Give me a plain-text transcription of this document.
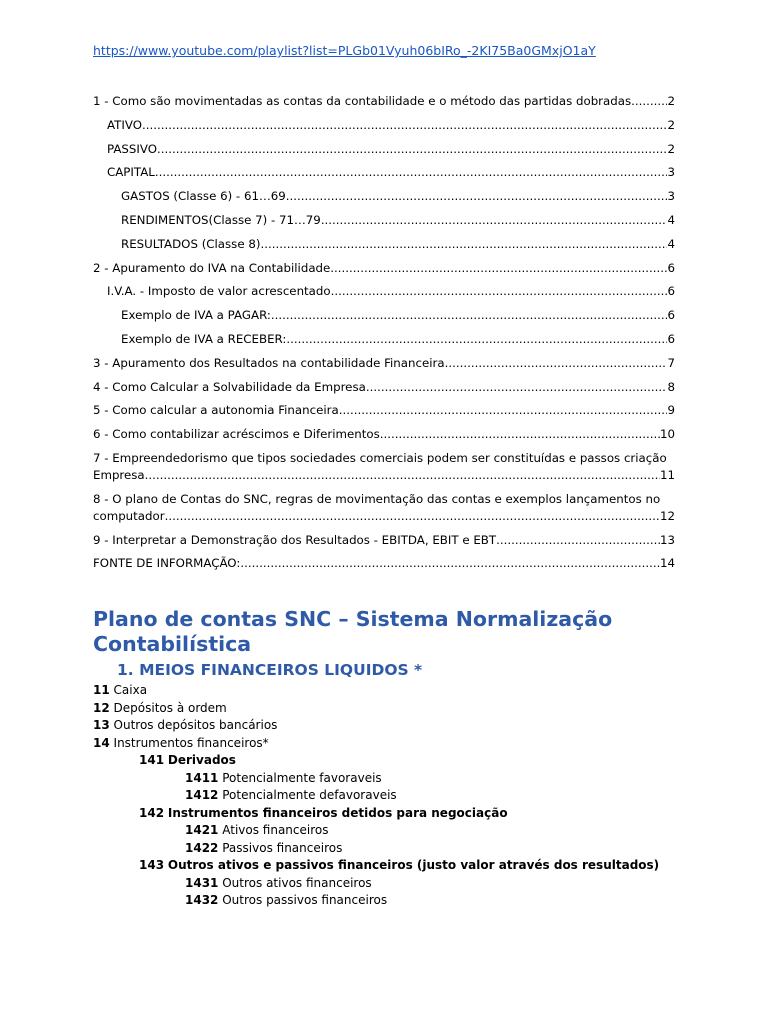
https://www.youtube.com/playlist?list=PLGb01Vyuh06bIRo_-2KI75Ba0GMxjO1aY
1 - Como são movimentadas as contas da contabilidade e o método das partidas dobradas .....	2
ATIVO .....	2
PASSIVO .....	2
CAPITAL .....	3
GASTOS (Classe 6) - 61…69 .....	3
RENDIMENTOS(Classe 7) - 71…79 .....	4
RESULTADOS (Classe 8) .....	4
2 - Apuramento do IVA na Contabilidade .....	6
I.V.A. - Imposto de valor acrescentado .....	6
Exemplo de IVA a PAGAR: .....	6
Exemplo de IVA a RECEBER: .....	6
3 - Apuramento dos Resultados na contabilidade Financeira .....	7
4 - Como Calcular a Solvabilidade da Empresa .....	8
5 - Como calcular a autonomia Financeira .....	9
6 - Como contabilizar acréscimos e Diferimentos .....	10
7 - Empreendedorismo que tipos sociedades comerciais podem ser constituídas e passos criação
Empresa .....	11
8 - O plano de Contas do SNC, regras de movimentação das contas e exemplos lançamentos no
computador .....	12
9 - Interpretar a Demonstração dos Resultados - EBITDA, EBIT e EBT .....	13
FONTE DE INFORMAÇÃO: .....	14
Plano de contas SNC – Sistema Normalização Contabilística
1. MEIOS FINANCEIROS LIQUIDOS *
11 Caixa
12 Depósitos à ordem
13 Outros depósitos bancários
14 Instrumentos financeiros*
141 Derivados
1411 Potencialmente favoraveis
1412 Potencialmente defavoraveis
142 Instrumentos financeiros detidos para negociação
1421 Ativos financeiros
1422 Passivos financeiros
143 Outros ativos e passivos financeiros (justo valor através dos resultados)
1431 Outros ativos financeiros
1432 Outros passivos financeiros
